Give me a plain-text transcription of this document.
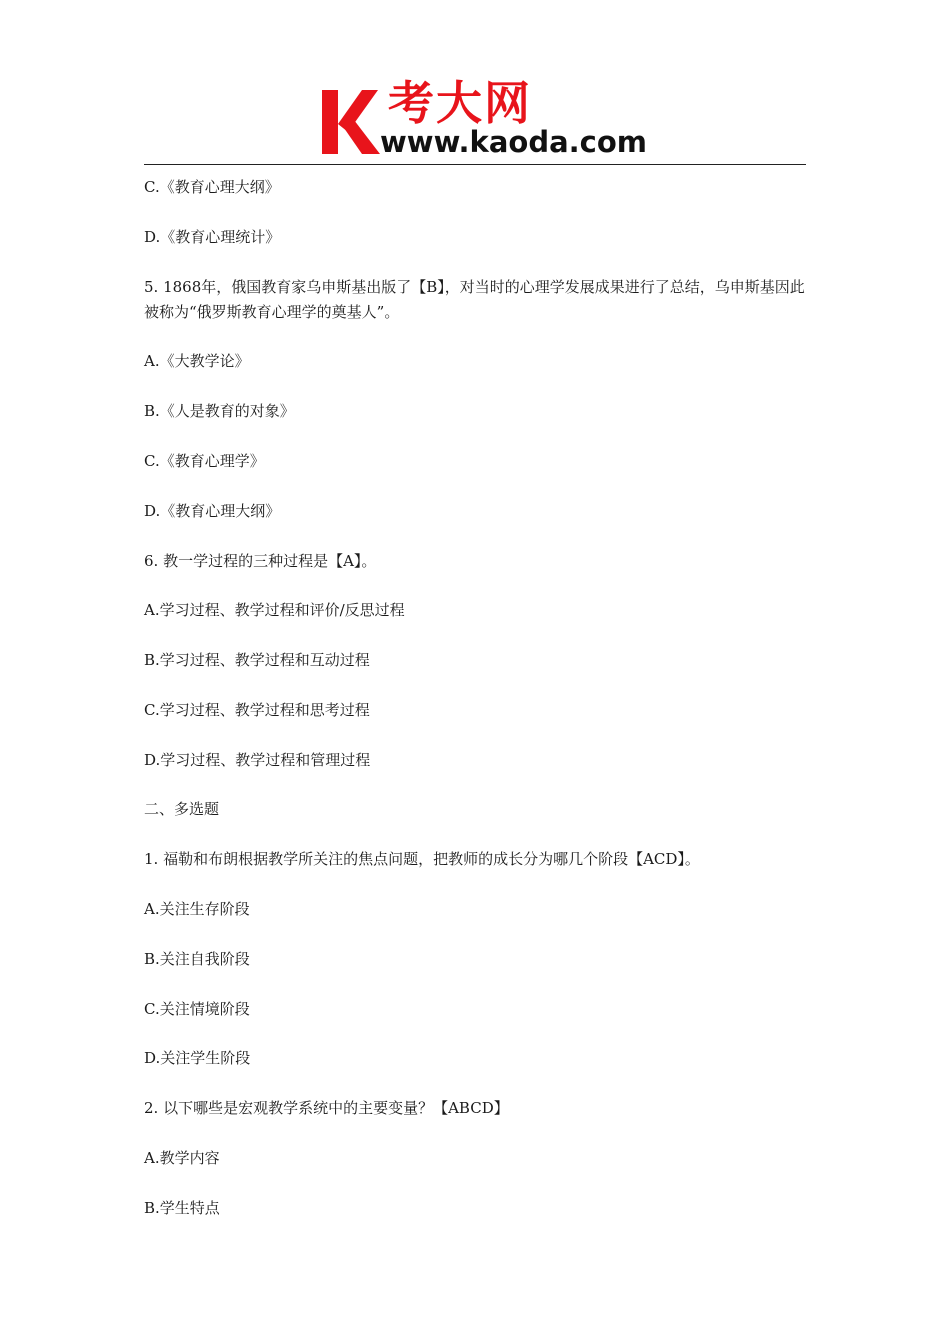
考大网
www.kaoda.com
C.《教育心理大纲》
D.《教育心理统计》
5. 1868年，俄国教育家乌申斯基出版了【B】，对当时的心理学发展成果进行了总结，乌申斯基因此被称为“俄罗斯教育心理学的奠基人”。
A.《大教学论》
B.《人是教育的对象》
C.《教育心理学》
D.《教育心理大纲》
6. 教一学过程的三种过程是【A】。
A.学习过程、教学过程和评价/反思过程
B.学习过程、教学过程和互动过程
C.学习过程、教学过程和思考过程
D.学习过程、教学过程和管理过程
二、多选题
1. 福勒和布朗根据教学所关注的焦点问题，把教师的成长分为哪几个阶段【ACD】。
A.关注生存阶段
B.关注自我阶段
C.关注情境阶段
D.关注学生阶段
2. 以下哪些是宏观教学系统中的主要变量？【ABCD】
A.教学内容
B.学生特点
